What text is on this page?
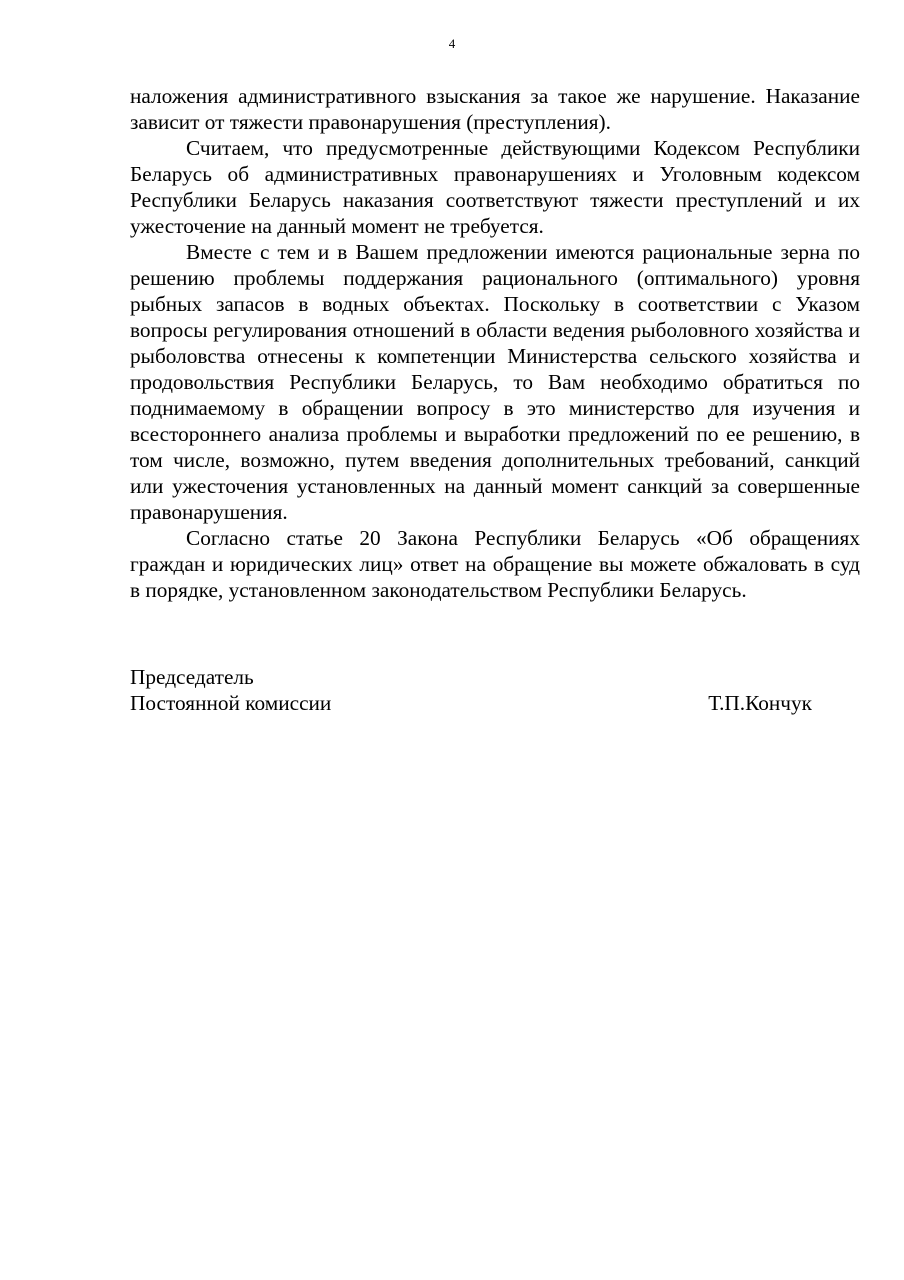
4

наложения административного взыскания за такое же нарушение. Наказание зависит от тяжести правонарушения (преступления).

Считаем, что предусмотренные действующими Кодексом Республики Беларусь об административных правонарушениях и Уголовным кодексом Республики Беларусь наказания соответствуют тяжести преступлений и их ужесточение на данный момент не требуется.

Вместе с тем и в Вашем предложении имеются рациональные зерна по решению проблемы поддержания рационального (оптимального) уровня рыбных запасов в водных объектах. Поскольку в соответствии с Указом вопросы регулирования отношений в области ведения рыболовного хозяйства и рыболовства отнесены к компетенции Министерства сельского хозяйства и продовольствия Республики Беларусь, то Вам необходимо обратиться по поднимаемому в обращении вопросу в это министерство для изучения и всестороннего анализа проблемы и выработки предложений по ее решению, в том числе, возможно, путем введения дополнительных требований, санкций или ужесточения установленных на данный момент санкций за совершенные правонарушения.

Согласно статье 20 Закона Республики Беларусь «Об обращениях граждан и юридических лиц» ответ на обращение вы можете обжаловать в суд в порядке, установленном законодательством Республики Беларусь.

Председатель
Постоянной комиссии	Т.П.Кончук
